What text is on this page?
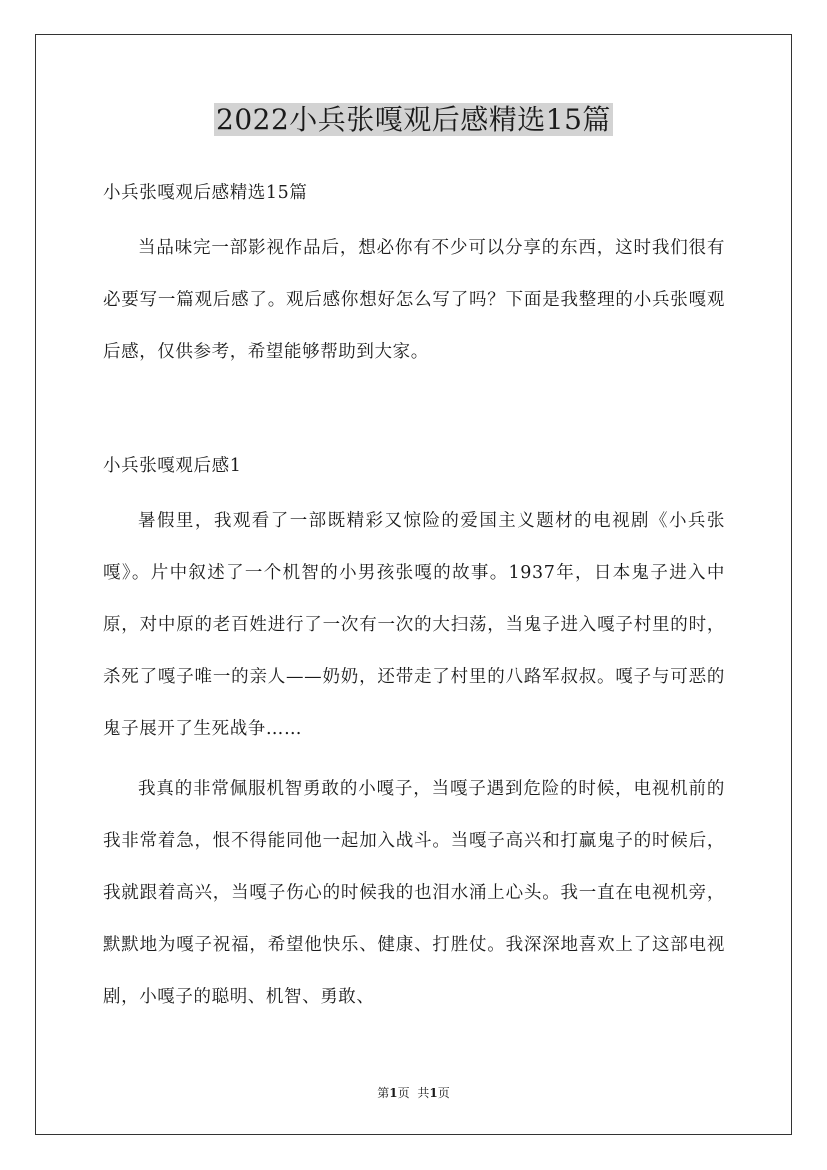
2022小兵张嘎观后感精选15篇
小兵张嘎观后感精选15篇

当品味完一部影视作品后，想必你有不少可以分享的东西，这时我们很有必要写一篇观后感了。观后感你想好怎么写了吗？下面是我整理的小兵张嘎观后感，仅供参考，希望能够帮助到大家。

小兵张嘎观后感1

暑假里，我观看了一部既精彩又惊险的爱国主义题材的电视剧《小兵张嘎》。片中叙述了一个机智的小男孩张嘎的故事。1937年，日本鬼子进入中原，对中原的老百姓进行了一次有一次的大扫荡，当鬼子进入嘎子村里的时，杀死了嘎子唯一的亲人——奶奶，还带走了村里的八路军叔叔。嘎子与可恶的鬼子展开了生死战争……

我真的非常佩服机智勇敢的小嘎子，当嘎子遇到危险的时候，电视机前的我非常着急，恨不得能同他一起加入战斗。当嘎子高兴和打赢鬼子的时候后，我就跟着高兴，当嘎子伤心的时候我的也泪水涌上心头。我一直在电视机旁，默默地为嘎子祝福，希望他快乐、健康、打胜仗。我深深地喜欢上了这部电视剧，小嘎子的聪明、机智、勇敢、

第1页 共1页
